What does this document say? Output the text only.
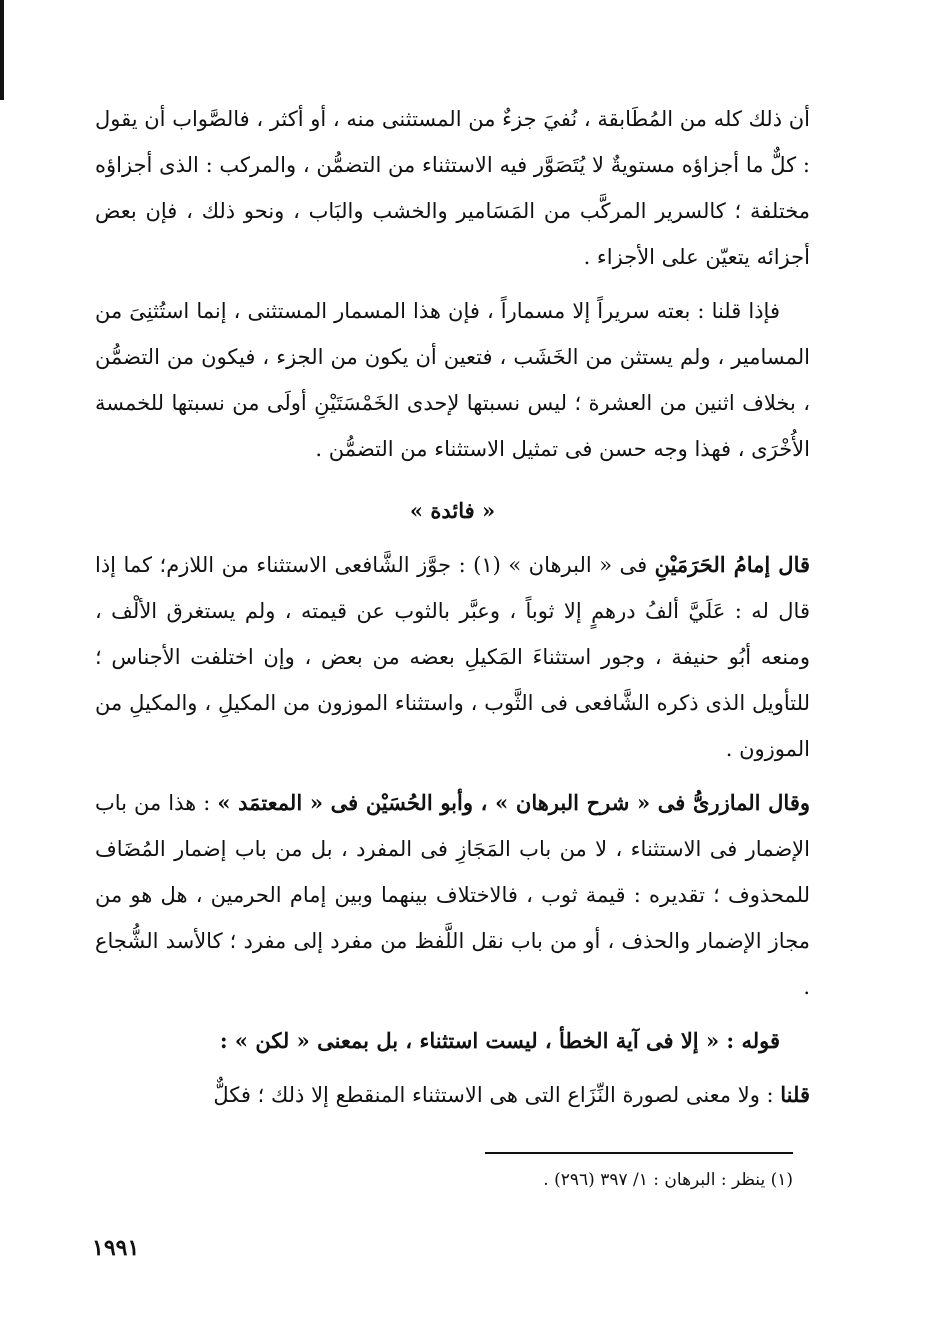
أن ذلك كله من المُطَابقة ، نُفيَ جزءٌ من المستثنى منه ، أو أكثر ، فالصَّواب أن يقول : كلٌّ ما أجزاؤه مستويةٌ لا يُتَصَوَّر فيه الاستثناء من التضمُّن ، والمركب : الذى أجزاؤه مختلفة ؛ كالسرير المركَّب من المَسَامير والخشب والبَاب ، ونحو ذلك ، فإن بعض أجزائه يتعيّن على الأجزاء .

فإذا قلنا : بعته سريراً إلا مسماراً ، فإن هذا المسمار المستثنى ، إنما استُثنِىَ من المسامير ، ولم يستثن من الخَشَب ، فتعين أن يكون من الجزء ، فيكون من التضمُّن ، بخلاف اثنين من العشرة ؛ ليس نسبتها لإحدى الخَمْسَتَيْنِ أولَى من نسبتها للخمسة الأُخْرَى ، فهذا وجه حسن فى تمثيل الاستثناء من التضمُّن .

« فائدة »

قال إمامُ الحَرَمَيْنِ فى « البرهان » (١) : جوَّز الشَّافعى الاستثناء من اللازم؛ كما إذا قال له : عَلَيَّ ألفُ درهمٍ إلا ثوباً ، وعبَّر بالثوب عن قيمته ، ولم يستغرق الألْف ، ومنعه أبُو حنيفة ، وجور استثناءَ المَكيلِ بعضه من بعض ، وإن اختلفت الأجناس ؛ للتأويل الذى ذكره الشَّافعى فى الثَّوب ، واستثناء الموزون من المكيلِ ، والمكيلِ من الموزون .

وقال المازرىُّ فى « شرح البرهان » ، وأبو الحُسَيْن فى « المعتمَد » : هذا من باب الإضمار فى الاستثناء ، لا من باب المَجَازِ فى المفرد ، بل من باب إضمار المُضَاف للمحذوف ؛ تقديره : قيمة ثوب ، فالاختلاف بينهما وبين إمام الحرمين ، هل هو من مجاز الإضمار والحذف ، أو من باب نقل اللَّفظ من مفرد إلى مفرد ؛ كالأسد الشُّجاع .

قوله : « إلا فى آية الخطأ ، ليست استثناء ، بل بمعنى « لكن » :

قلنا : ولا معنى لصورة النِّزَاع التى هى الاستثناء المنقطع إلا ذلك ؛ فكلٌّ

(١) ينظر : البرهان : ١/ ٣٩٧ (٢٩٦) .
١٩٩١
